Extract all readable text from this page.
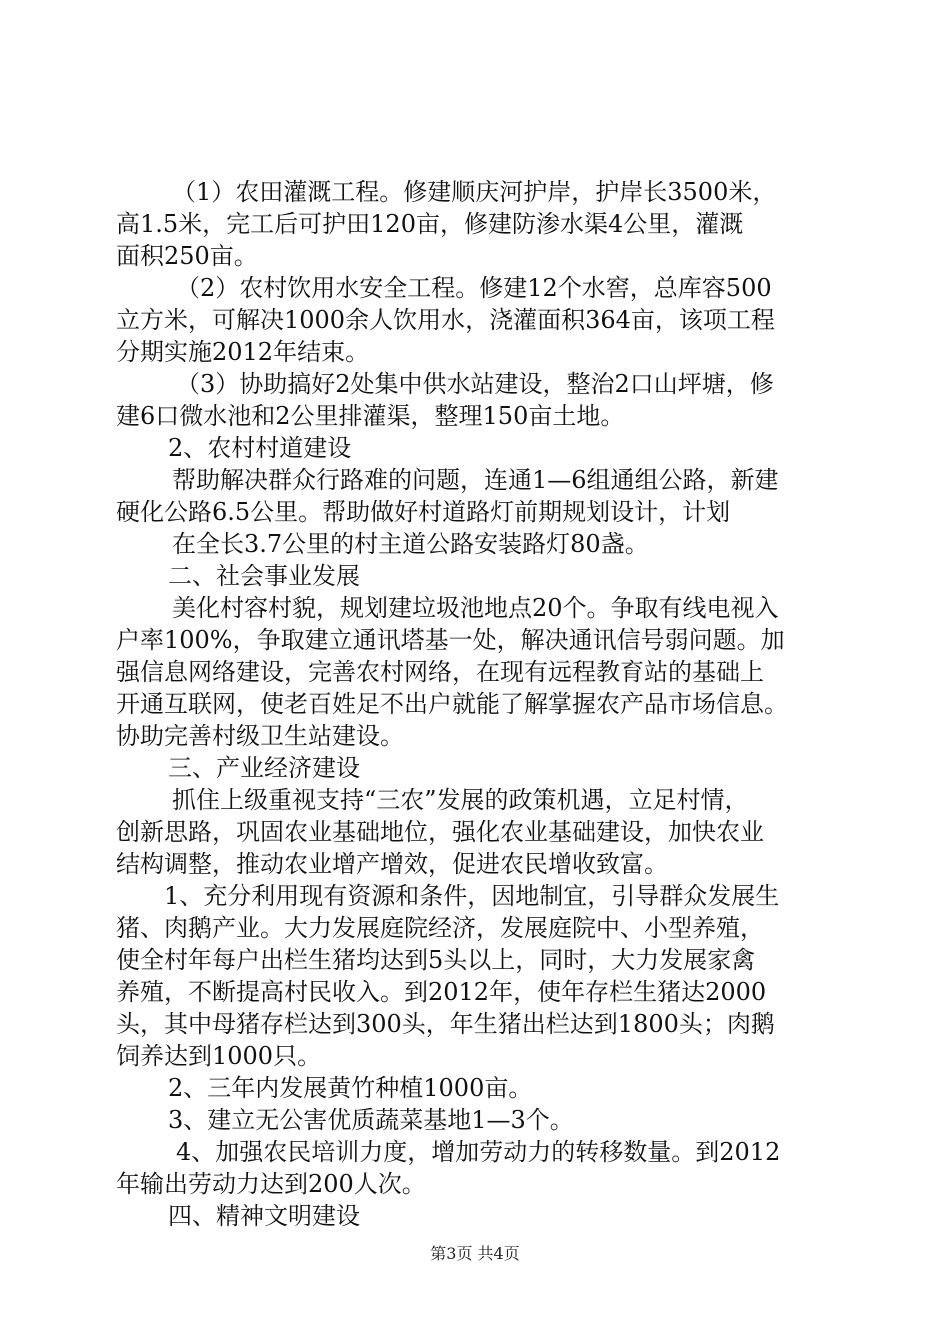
（1）农田灌溉工程。修建顺庆河护岸，护岸长3500米，
高1.5米，完工后可护田120亩，修建防渗水渠4公里，灌溉
面积250亩。
（2）农村饮用水安全工程。修建12个水窖，总库容500
立方米，可解决1000余人饮用水，浇灌面积364亩，该项工程
分期实施2012年结束。
（3）协助搞好2处集中供水站建设，整治2口山坪塘，修
建6口微水池和2公里排灌渠，整理150亩土地。
2、农村村道建设
帮助解决群众行路难的问题，连通1—6组通组公路，新建
硬化公路6.5公里。帮助做好村道路灯前期规划设计，计划
在全长3.7公里的村主道公路安装路灯80盏。
二、社会事业发展
美化村容村貌，规划建垃圾池地点20个。争取有线电视入
户率100%，争取建立通讯塔基一处，解决通讯信号弱问题。加
强信息网络建设，完善农村网络，在现有远程教育站的基础上
开通互联网，使老百姓足不出户就能了解掌握农产品市场信息。
协助完善村级卫生站建设。
三、产业经济建设
抓住上级重视支持“三农”发展的政策机遇，立足村情，
创新思路，巩固农业基础地位，强化农业基础建设，加快农业
结构调整，推动农业增产增效，促进农民增收致富。
1、充分利用现有资源和条件，因地制宜，引导群众发展生
猪、肉鹅产业。大力发展庭院经济，发展庭院中、小型养殖，
使全村年每户出栏生猪均达到5头以上，同时，大力发展家禽
养殖，不断提高村民收入。到2012年，使年存栏生猪达2000
头，其中母猪存栏达到300头，年生猪出栏达到1800头；肉鹅
饲养达到1000只。
2、三年内发展黄竹种植1000亩。
3、建立无公害优质蔬菜基地1—3个。
4、加强农民培训力度，增加劳动力的转移数量。到2012
年输出劳动力达到200人次。
四、精神文明建设
第3页 共4页
